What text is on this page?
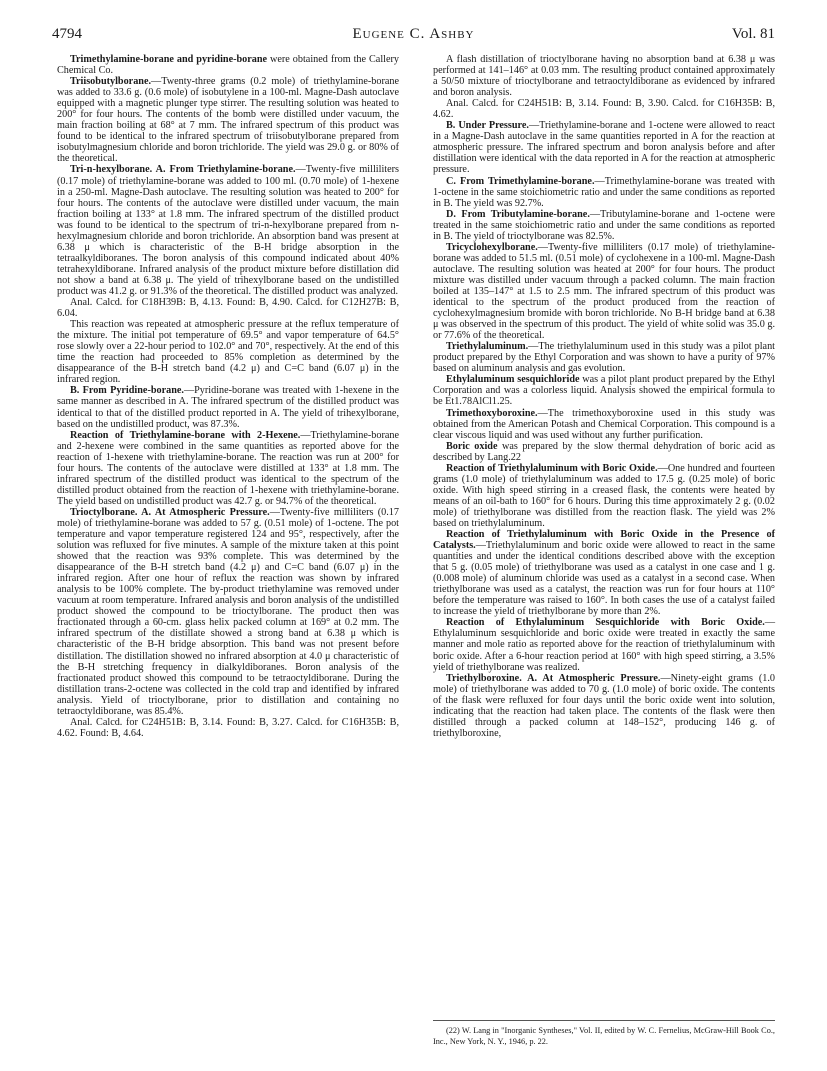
4794	Eugene C. Ashby	Vol. 81

Trimethylamine-borane and pyridine-borane were obtained from the Callery Chemical Co.

Triisobutylborane.—Twenty-three grams (0.2 mole) of triethylamine-borane was added to 33.6 g. (0.6 mole) of isobutylene in a 100-ml. Magne-Dash autoclave equipped with a magnetic plunger type stirrer. The resulting solution was heated to 200° for four hours. The contents of the bomb were distilled under vacuum, the main fraction boiling at 68° at 7 mm. The infrared spectrum of this product was found to be identical to the infrared spectrum of triisobutylborane prepared from isobutylmagnesium chloride and boron trichloride. The yield was 29.0 g. or 80% of the theoretical.

Tri-n-hexylborane. A. From Triethylamine-borane.—Twenty-five milliliters (0.17 mole) of triethylamine-borane was added to 100 ml. (0.70 mole) of 1-hexene in a 250-ml. Magne-Dash autoclave. The resulting solution was heated to 200° for four hours. The contents of the autoclave were distilled under vacuum, the main fraction boiling at 133° at 1.8 mm. The infrared spectrum of the distilled product was found to be identical to the spectrum of tri-n-hexylborane prepared from n-hexylmagnesium chloride and boron trichloride. An absorption band was present at 6.38 μ which is characteristic of the B-H bridge absorption in the tetraalkyldiboranes. The boron analysis of this compound indicated about 40% tetrahexyldiborane. Infrared analysis of the product mixture before distillation did not show a band at 6.38 μ. The yield of trihexylborane based on the undistilled product was 41.2 g. or 91.3% of the theoretical. The distilled product was analyzed.

Anal. Calcd. for C18H39B: B, 4.13. Found: B, 4.90. Calcd. for C12H27B: B, 6.04.

This reaction was repeated at atmospheric pressure at the reflux temperature of the mixture. The initial pot temperature of 69.5° and vapor temperature of 64.5° rose slowly over a 22-hour period to 102.0° and 70°, respectively. At the end of this time the reaction had proceeded to 85% completion as determined by the disappearance of the B-H stretch band (4.2 μ) and C=C band (6.07 μ) in the infrared region.

B. From Pyridine-borane.—Pyridine-borane was treated with 1-hexene in the same manner as described in A. The infrared spectrum of the distilled product was identical to that of the distilled product reported in A. The yield of trihexylborane, based on the undistilled product, was 87.3%.

Reaction of Triethylamine-borane with 2-Hexene.—Triethylamine-borane and 2-hexene were combined in the same quantities as reported above for the reaction of 1-hexene with triethylamine-borane. The reaction was run at 200° for four hours. The contents of the autoclave were distilled at 133° at 1.8 mm. The infrared spectrum of the distilled product was identical to the spectrum of the distilled product obtained from the reaction of 1-hexene with triethylamine-borane. The yield based on undistilled product was 42.7 g. or 94.7% of the theoretical.

Trioctylborane. A. At Atmospheric Pressure.—Twenty-five milliliters (0.17 mole) of triethylamine-borane was added to 57 g. (0.51 mole) of 1-octene. The pot temperature and vapor temperature registered 124 and 95°, respectively, after the solution was refluxed for five minutes. A sample of the mixture taken at this point showed that the reaction was 93% complete. This was determined by the disappearance of the B-H stretch band (4.2 μ) and C=C band (6.07 μ) in the infrared region. After one hour of reflux the reaction was shown by infrared analysis to be 100% complete. The by-product triethylamine was removed under vacuum at room temperature. Infrared analysis and boron analysis of the undistilled product showed the compound to be trioctylborane. The product then was fractionated through a 60-cm. glass helix packed column at 169° at 0.2 mm. The infrared spectrum of the distillate showed a strong band at 6.38 μ which is characteristic of the B-H bridge absorption. This band was not present before distillation. The distillation showed no infrared absorption at 4.0 μ characteristic of the B-H stretching frequency in dialkyldiboranes. Boron analysis of the fractionated product showed this compound to be tetraoctyldiborane. During the distillation trans-2-octene was collected in the cold trap and identified by infrared analysis. Yield of trioctylborane, prior to distillation and containing no tetraoctyldiborane, was 85.4%.

Anal. Calcd. for C24H51B: B, 3.14. Found: B, 3.27. Calcd. for C16H35B: B, 4.62. Found: B, 4.64.

A flash distillation of trioctylborane having no absorption band at 6.38 μ was performed at 141–146° at 0.03 mm. The resulting product contained approximately a 50/50 mixture of trioctylborane and tetraoctyldiborane as evidenced by infrared and boron analysis.

Anal. Calcd. for C24H51B: B, 3.14. Found: B, 3.90. Calcd. for C16H35B: B, 4.62.

B. Under Pressure.—Triethylamine-borane and 1-octene were allowed to react in a Magne-Dash autoclave in the same quantities reported in A for the reaction at atmospheric pressure. The infrared spectrum and boron analysis before and after distillation were identical with the data reported in A for the reaction at atmospheric pressure.

C. From Trimethylamine-borane.—Trimethylamine-borane was treated with 1-octene in the same stoichiometric ratio and under the same conditions as reported in B. The yield was 92.7%.

D. From Tributylamine-borane.—Tributylamine-borane and 1-octene were treated in the same stoichiometric ratio and under the same conditions as reported in B. The yield of trioctylborane was 82.5%.

Tricyclohexylborane.—Twenty-five milliliters (0.17 mole) of triethylamine-borane was added to 51.5 ml. (0.51 mole) of cyclohexene in a 100-ml. Magne-Dash autoclave. The resulting solution was heated at 200° for four hours. The product mixture was distilled under vacuum through a packed column. The main fraction boiled at 135–147° at 1.5 to 2.5 mm. The infrared spectrum of this product was identical to the spectrum of the product produced from the reaction of cyclohexylmagnesium bromide with boron trichloride. No B-H bridge band at 6.38 μ was observed in the spectrum of this product. The yield of white solid was 35.0 g. or 77.6% of the theoretical.

Triethylaluminum.—The triethylaluminum used in this study was a pilot plant product prepared by the Ethyl Corporation and was shown to have a purity of 97% based on aluminum analysis and gas evolution.

Ethylaluminum sesquichloride was a pilot plant product prepared by the Ethyl Corporation and was a colorless liquid. Analysis showed the empirical formula to be Et1.78AlCl1.25.

Trimethoxyboroxine.—The trimethoxyboroxine used in this study was obtained from the American Potash and Chemical Corporation. This compound is a clear viscous liquid and was used without any further purification.

Boric oxide was prepared by the slow thermal dehydration of boric acid as described by Lang.22

Reaction of Triethylaluminum with Boric Oxide.—One hundred and fourteen grams (1.0 mole) of triethylaluminum was added to 17.5 g. (0.25 mole) of boric oxide. With high speed stirring in a creased flask, the contents were heated by means of an oil-bath to 160° for 6 hours. During this time approximately 2 g. (0.02 mole) of triethylborane was distilled from the reaction flask. The yield was 2% based on triethylaluminum.

Reaction of Triethylaluminum with Boric Oxide in the Presence of Catalysts.—Triethylaluminum and boric oxide were allowed to react in the same quantities and under the identical conditions described above with the exception that 5 g. (0.05 mole) of triethylborane was used as a catalyst in one case and 1 g. (0.008 mole) of aluminum chloride was used as a catalyst in a second case. When triethylborane was used as a catalyst, the reaction was run for four hours at 110° before the temperature was raised to 160°. In both cases the use of a catalyst failed to increase the yield of triethylborane by more than 2%.

Reaction of Ethylaluminum Sesquichloride with Boric Oxide.—Ethylaluminum sesquichloride and boric oxide were treated in exactly the same manner and mole ratio as reported above for the reaction of triethylaluminum with boric oxide. After a 6-hour reaction period at 160° with high speed stirring, a 3.5% yield of triethylborane was realized.

Triethylboroxine. A. At Atmospheric Pressure.—Ninety-eight grams (1.0 mole) of triethylborane was added to 70 g. (1.0 mole) of boric oxide. The contents of the flask were refluxed for four days until the boric oxide went into solution, indicating that the reaction had taken place. The contents of the flask were then distilled through a packed column at 148–152°, producing 146 g. of triethylboroxine,

(22) W. Lang in "Inorganic Syntheses," Vol. II, edited by W. C. Fernelius, McGraw-Hill Book Co., Inc., New York, N. Y., 1946, p. 22.
